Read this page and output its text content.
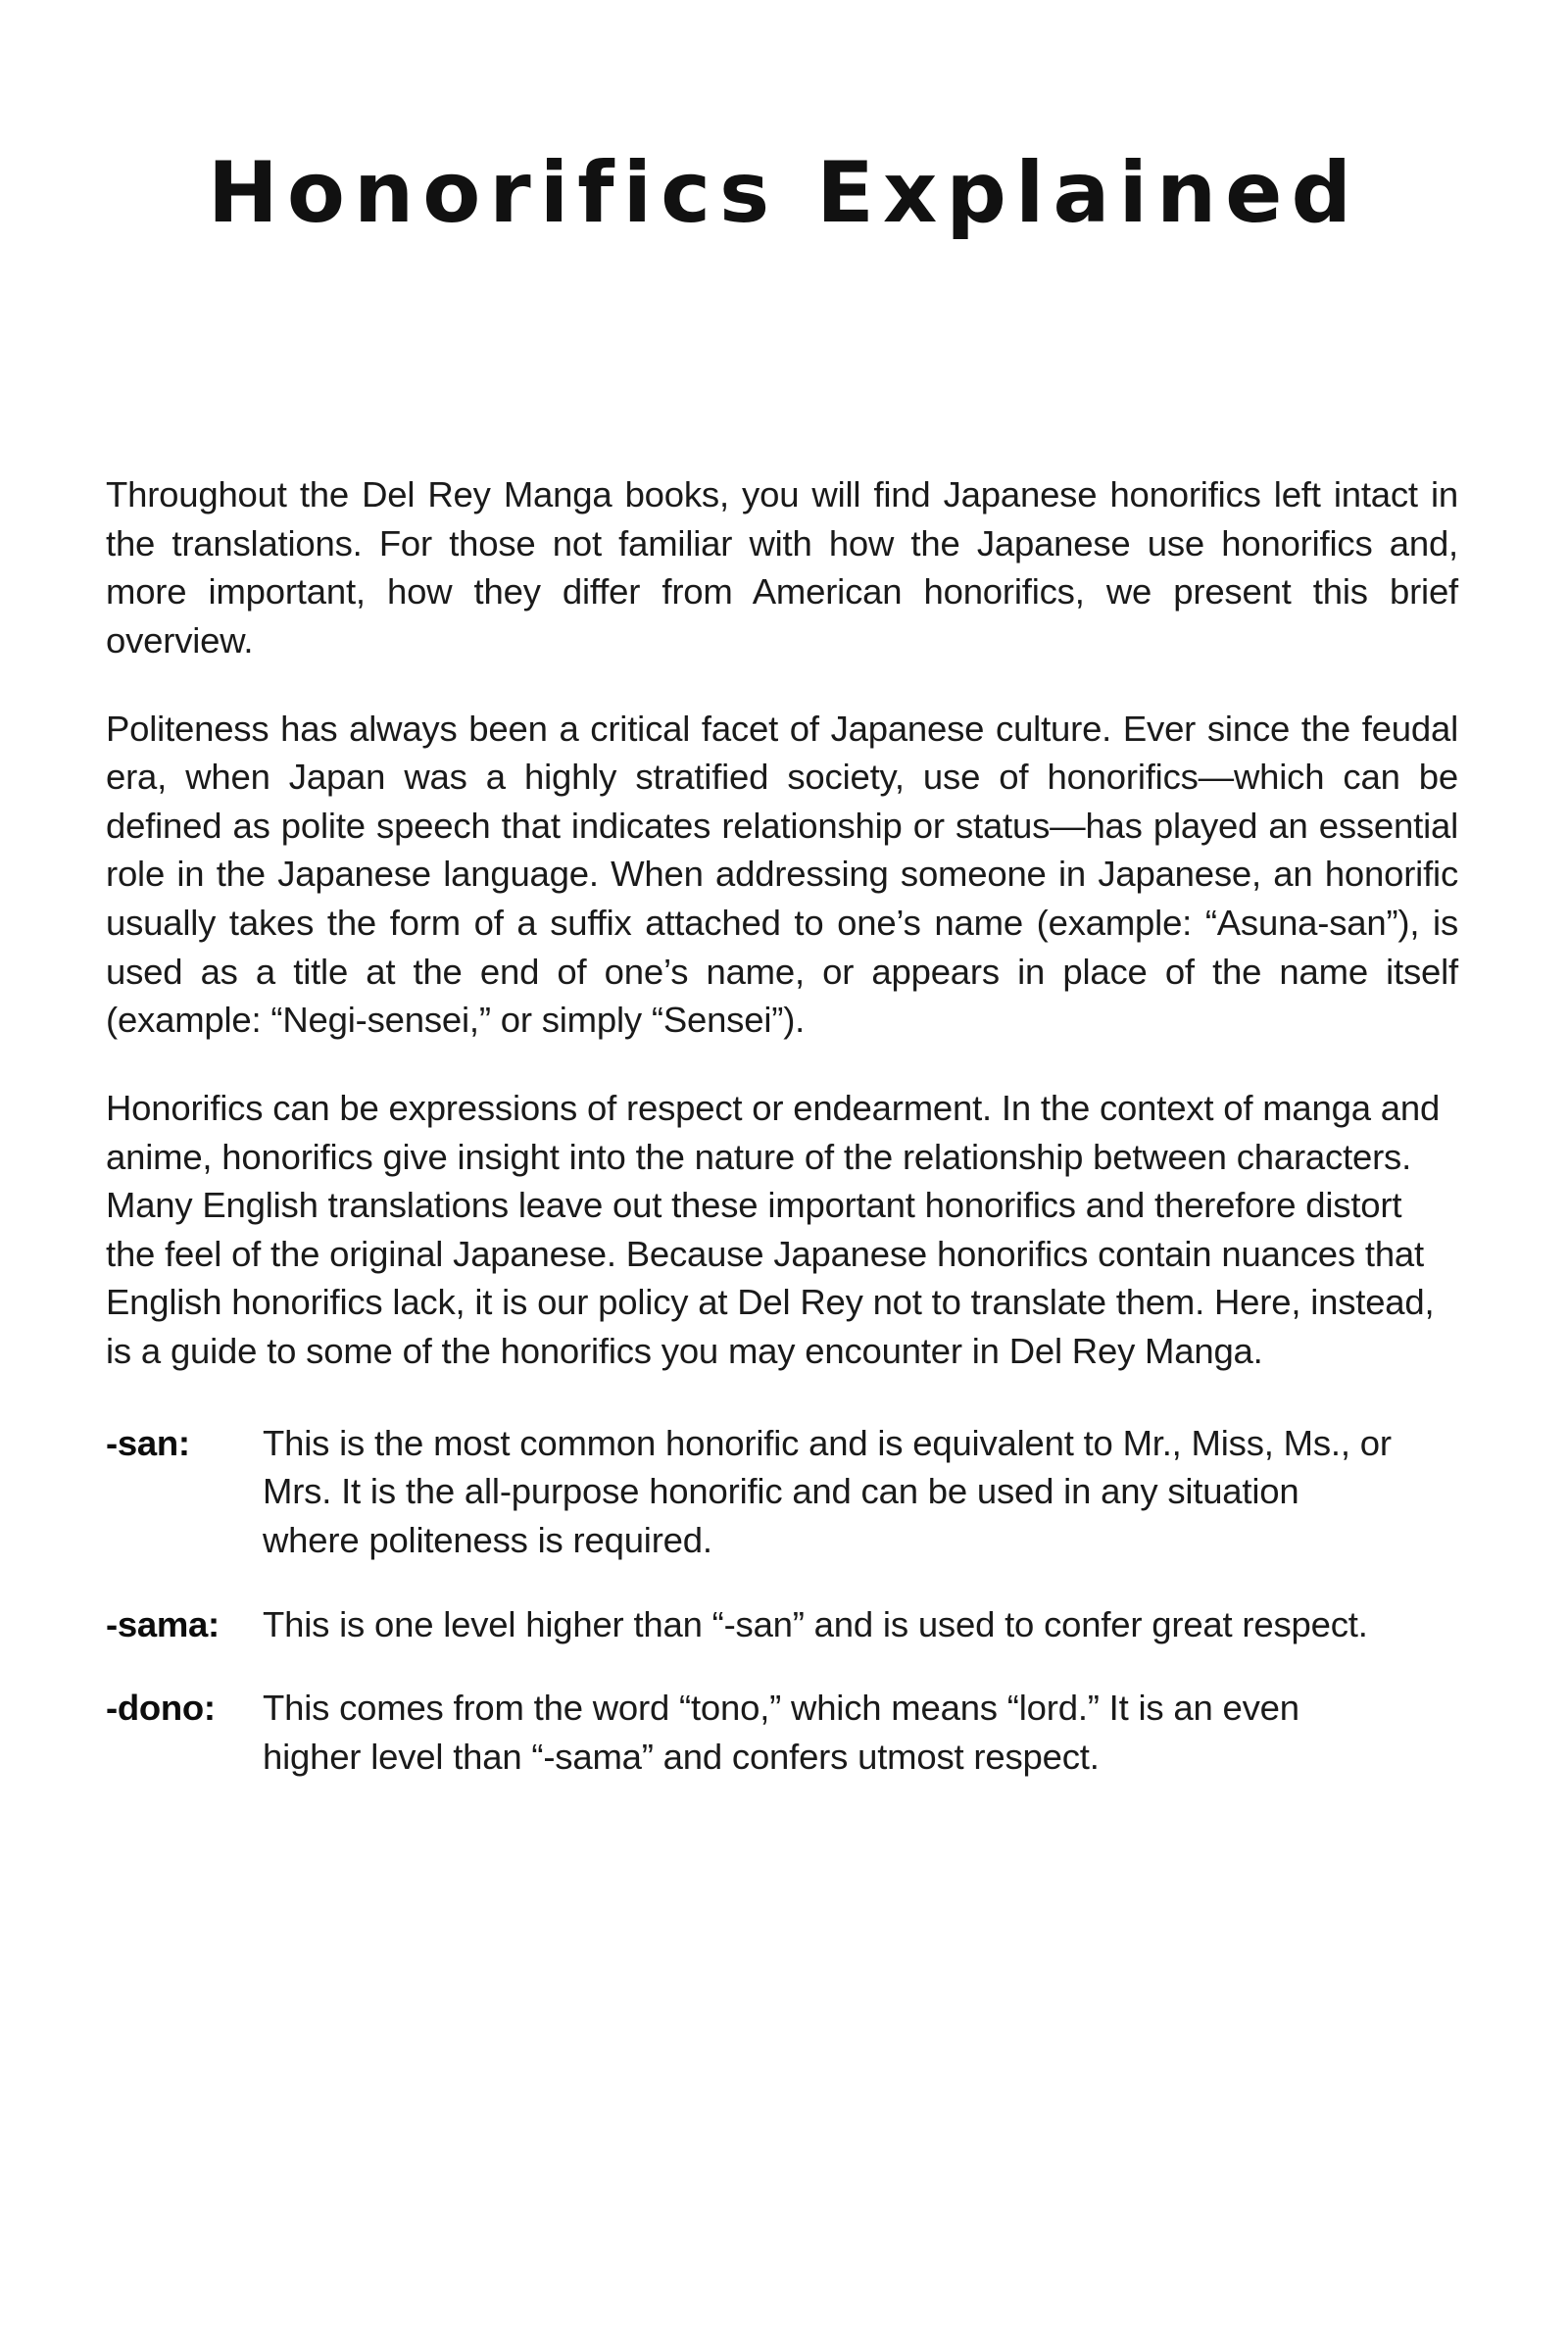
Honorifics Explained

Throughout the Del Rey Manga books, you will find Japanese honorifics left intact in the translations. For those not familiar with how the Japanese use honorifics and, more important, how they differ from American honorifics, we present this brief overview.

Politeness has always been a critical facet of Japanese culture. Ever since the feudal era, when Japan was a highly stratified society, use of honorifics—which can be defined as polite speech that indicates relationship or status—has played an essential role in the Japanese language. When addressing someone in Japanese, an honorific usually takes the form of a suffix attached to one’s name (example: “Asuna-san”), is used as a title at the end of one’s name, or appears in place of the name itself (example: “Negi-sensei,” or simply “Sensei”).

Honorifics can be expressions of respect or endearment. In the context of manga and anime, honorifics give insight into the nature of the relationship between characters. Many English translations leave out these important honorifics and therefore distort the feel of the original Japanese. Because Japanese honorifics contain nuances that English honorifics lack, it is our policy at Del Rey not to translate them. Here, instead, is a guide to some of the honorifics you may encounter in Del Rey Manga.

-san:	This is the most common honorific and is equivalent to Mr., Miss, Ms., or Mrs. It is the all-purpose honorific and can be used in any situation where politeness is required.
-sama:	This is one level higher than “-san” and is used to confer great respect.
-dono:	This comes from the word “tono,” which means “lord.” It is an even higher level than “-sama” and confers utmost respect.
